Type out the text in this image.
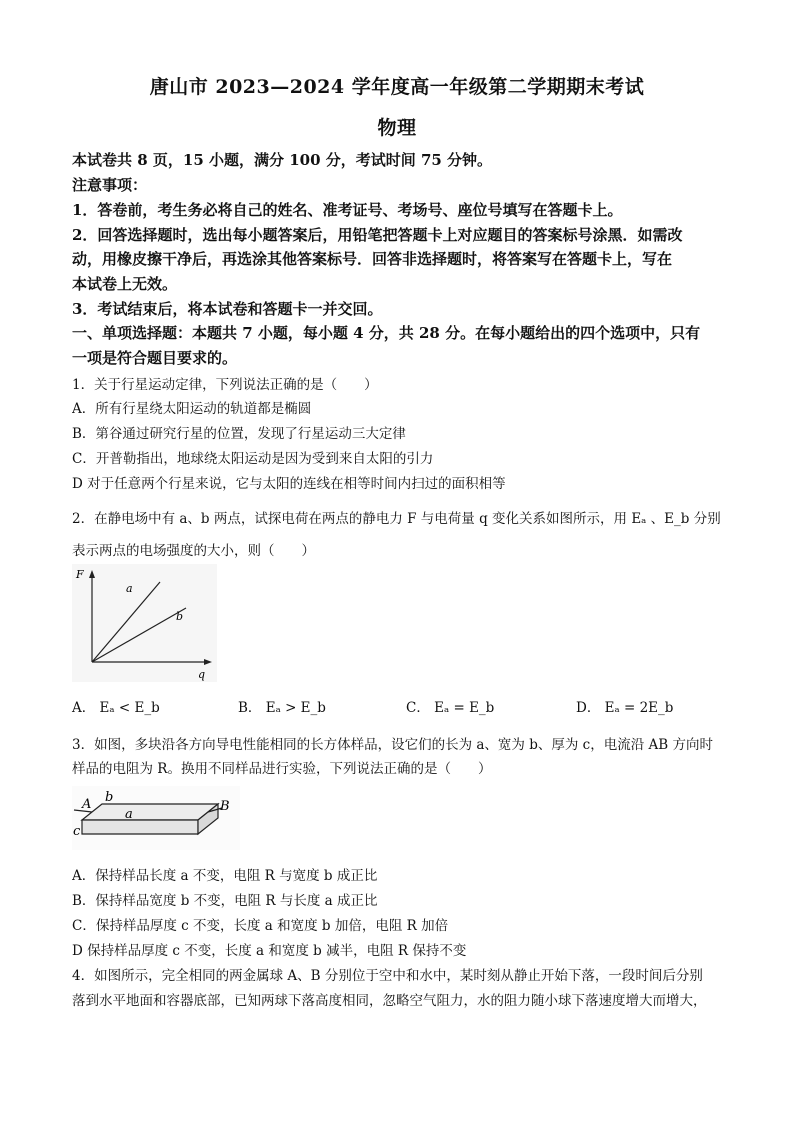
唐山市 2023—2024 学年度高一年级第二学期期末考试
物理
本试卷共 8 页，15 小题，满分 100 分，考试时间 75 分钟。
注意事项：
1．答卷前，考生务必将自己的姓名、准考证号、考场号、座位号填写在答题卡上。
2．回答选择题时，选出每小题答案后，用铅笔把答题卡上对应题目的答案标号涂黑．如需改
动，用橡皮擦干净后，再选涂其他答案标号．回答非选择题时，将答案写在答题卡上，写在
本试卷上无效。
3．考试结束后，将本试卷和答题卡一并交回。
一、单项选择题：本题共 7 小题，每小题 4 分，共 28 分。在每小题给出的四个选项中，只有
一项是符合题目要求的。
1．关于行星运动定律，下列说法正确的是（　　）
A．所有行星绕太阳运动的轨道都是椭圆
B．第谷通过研究行星的位置，发现了行星运动三大定律
C．开普勒指出，地球绕太阳运动是因为受到来自太阳的引力
D 对于任意两个行星来说，它与太阳的连线在相等时间内扫过的面积相等
2．在静电场中有 a、b 两点，试探电荷在两点的静电力 F 与电荷量 q 变化关系如图所示，用 Eₐ 、E_b 分别
表示两点的电场强度的大小，则（　　）
F
q
a
b
A． Eₐ < E_b	B． Eₐ > E_b	C． Eₐ = E_b	D． Eₐ = 2E_b
3．如图，多块沿各方向导电性能相同的长方体样品，设它们的长为 a、宽为 b、厚为 c，电流沿 AB 方向时
样品的电阻为 R。换用不同样品进行实验，下列说法正确的是（　　）
A b
B
a
c
A．保持样品长度 a 不变，电阻 R 与宽度 b 成正比
B．保持样品宽度 b 不变，电阻 R 与长度 a 成正比
C．保持样品厚度 c 不变，长度 a 和宽度 b 加倍，电阻 R 加倍
D 保持样品厚度 c 不变，长度 a 和宽度 b 减半，电阻 R 保持不变
4．如图所示，完全相同的两金属球 A、B 分别位于空中和水中，某时刻从静止开始下落，一段时间后分别
落到水平地面和容器底部，已知两球下落高度相同，忽略空气阻力，水的阻力随小球下落速度增大而增大，
